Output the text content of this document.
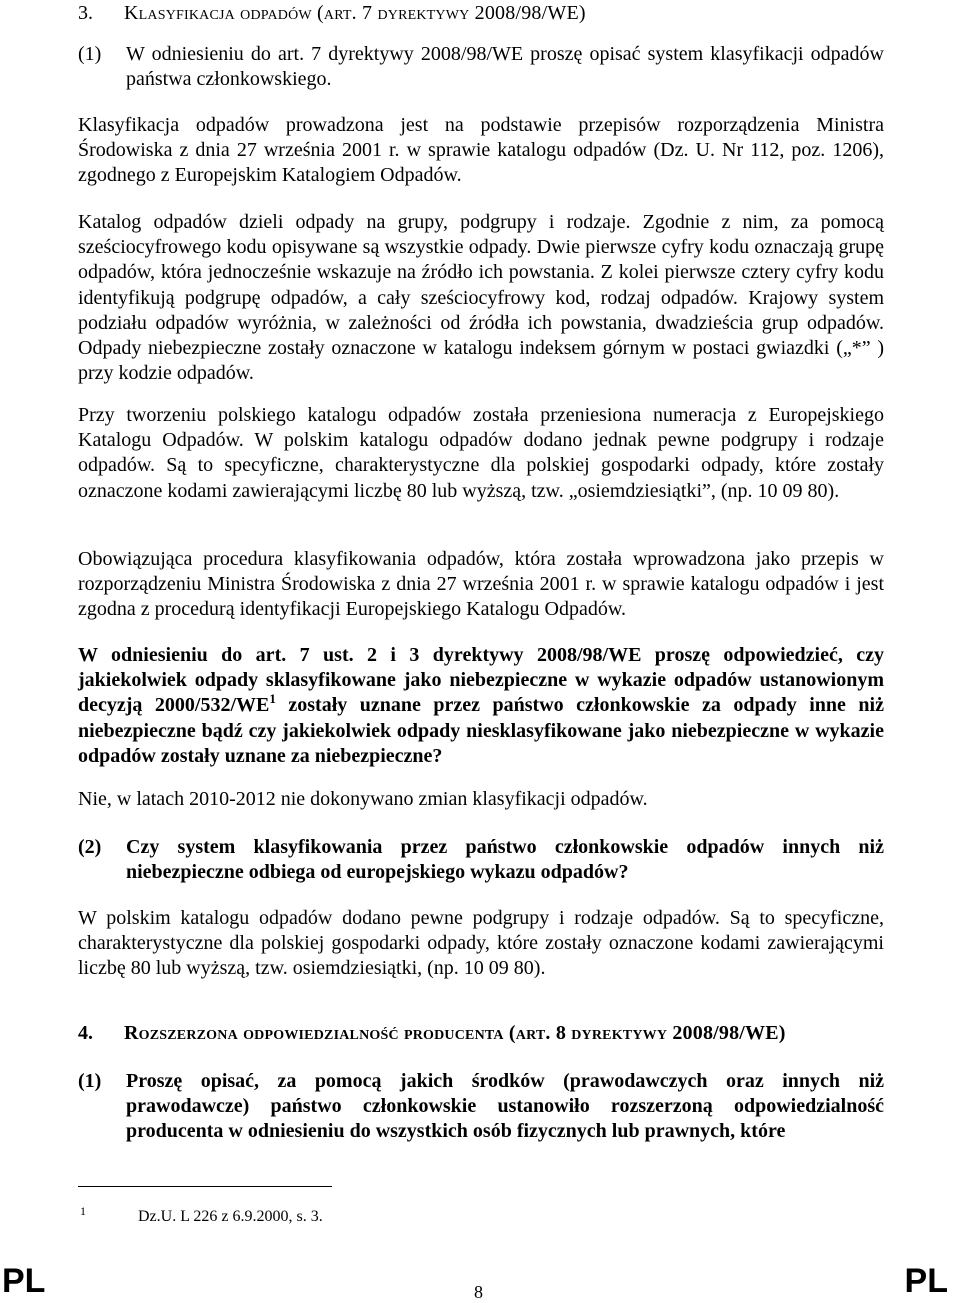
3. Klasyfikacja odpadów (art. 7 dyrektywy 2008/98/WE)
(1) W odniesieniu do art. 7 dyrektywy 2008/98/WE proszę opisać system klasyfikacji odpadów państwa członkowskiego.
Klasyfikacja odpadów prowadzona jest na podstawie przepisów rozporządzenia Ministra Środowiska z dnia 27 września 2001 r. w sprawie katalogu odpadów (Dz. U. Nr 112, poz. 1206), zgodnego z Europejskim Katalogiem Odpadów.
Katalog odpadów dzieli odpady na grupy, podgrupy i rodzaje. Zgodnie z nim, za pomocą sześciocyfrowego kodu opisywane są wszystkie odpady. Dwie pierwsze cyfry kodu oznaczają grupę odpadów, która jednocześnie wskazuje na źródło ich powstania. Z kolei pierwsze cztery cyfry kodu identyfikują podgrupę odpadów, a cały sześciocyfrowy kod, rodzaj odpadów. Krajowy system podziału odpadów wyróżnia, w zależności od źródła ich powstania, dwadzieścia grup odpadów. Odpady niebezpieczne zostały oznaczone w katalogu indeksem górnym w postaci gwiazdki („*” ) przy kodzie odpadów.
Przy tworzeniu polskiego katalogu odpadów została przeniesiona numeracja z Europejskiego Katalogu Odpadów. W polskim katalogu odpadów dodano jednak pewne podgrupy i rodzaje odpadów. Są to specyficzne, charakterystyczne dla polskiej gospodarki odpady, które zostały oznaczone kodami zawierającymi liczbę 80 lub wyższą, tzw. „osiemdziesiątki”, (np. 10 09 80).
Obowiązująca procedura klasyfikowania odpadów, która została wprowadzona jako przepis w rozporządzeniu Ministra Środowiska z dnia 27 września 2001 r. w sprawie katalogu odpadów i jest zgodna z procedurą identyfikacji Europejskiego Katalogu Odpadów.
W odniesieniu do art. 7 ust. 2 i 3 dyrektywy 2008/98/WE proszę odpowiedzieć, czy jakiekolwiek odpady sklasyfikowane jako niebezpieczne w wykazie odpadów ustanowionym decyzją $2000/532/WE^1$ zostały uznane przez państwo członkowskie za odpady inne niż niebezpieczne bądź czy jakiekolwiek odpady niesklasyfikowane jako niebezpieczne w wykazie odpadów zostały uznane za niebezpieczne?
Nie, w latach 2010-2012 nie dokonywano zmian klasyfikacji odpadów.
(2) Czy system klasyfikowania przez państwo członkowskie odpadów innych niż niebezpieczne odbiega od europejskiego wykazu odpadów?
W polskim katalogu odpadów dodano pewne podgrupy i rodzaje odpadów. Są to specyficzne, charakterystyczne dla polskiej gospodarki odpady, które zostały oznaczone kodami zawierającymi liczbę 80 lub wyższą, tzw. osiemdziesiątki, (np. 10 09 80).
4. Rozszerzona odpowiedzialność producenta (art. 8 dyrektywy 2008/98/WE)
(1) Proszę opisać, za pomocą jakich środków (prawodawczych oraz innych niż prawodawcze) państwo członkowskie ustanowiło rozszerzoną odpowiedzialność producenta w odniesieniu do wszystkich osób fizycznych lub prawnych, które
1	Dz.U. L 226 z 6.9.2000, s. 3.
PL	8	PL
